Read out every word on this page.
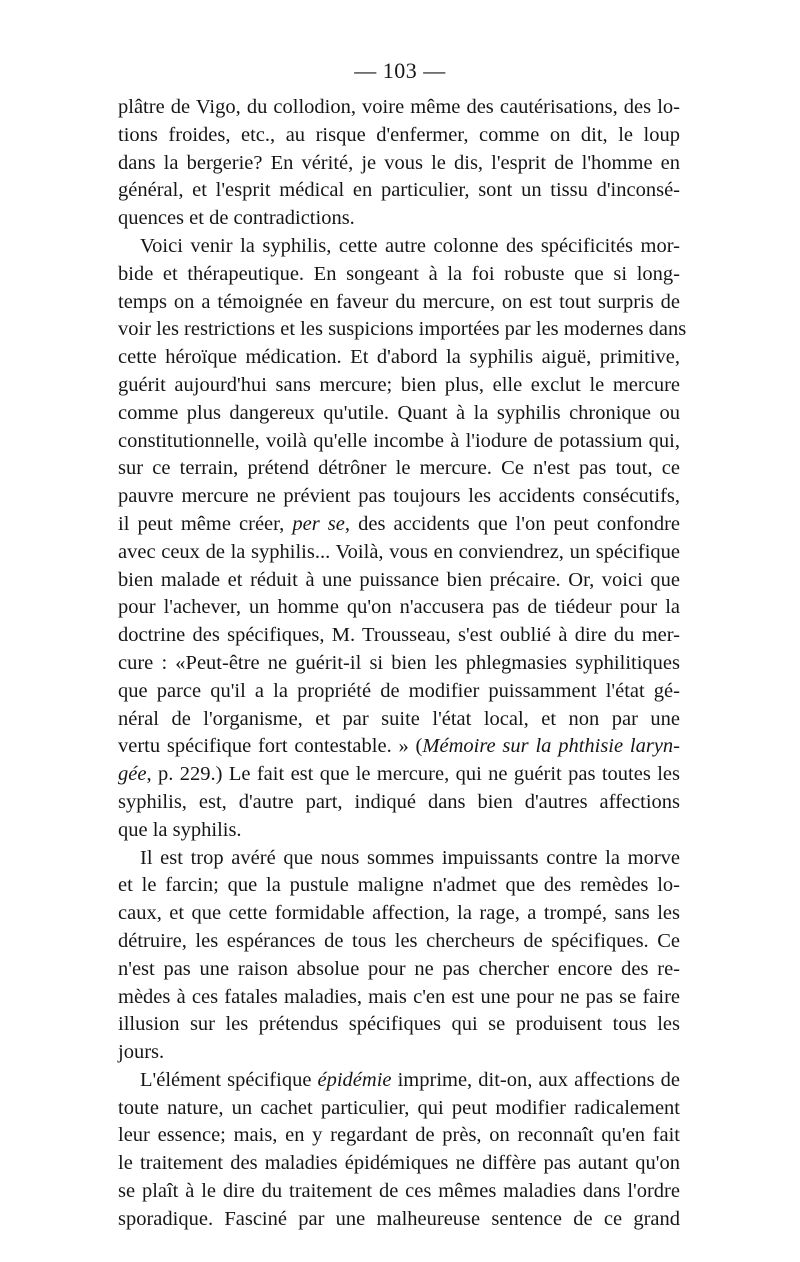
— 103 —
plâtre de Vigo, du collodion, voire même des cautérisations, des lo-
tions froides, etc., au risque d'enfermer, comme on dit, le loup
dans la bergerie? En vérité, je vous le dis, l'esprit de l'homme en
général, et l'esprit médical en particulier, sont un tissu d'inconsé-
quences et de contradictions.
Voici venir la syphilis, cette autre colonne des spécificités mor-
bide et thérapeutique. En songeant à la foi robuste que si long-
temps on a témoignée en faveur du mercure, on est tout surpris de
voir les restrictions et les suspicions importées par les modernes dans
cette héroïque médication. Et d'abord la syphilis aiguë, primitive,
guérit aujourd'hui sans mercure; bien plus, elle exclut le mercure
comme plus dangereux qu'utile. Quant à la syphilis chronique ou
constitutionnelle, voilà qu'elle incombe à l'iodure de potassium qui,
sur ce terrain, prétend détrôner le mercure. Ce n'est pas tout, ce
pauvre mercure ne prévient pas toujours les accidents consécutifs,
il peut même créer, per se, des accidents que l'on peut confondre
avec ceux de la syphilis... Voilà, vous en conviendrez, un spécifique
bien malade et réduit à une puissance bien précaire. Or, voici que
pour l'achever, un homme qu'on n'accusera pas de tiédeur pour la
doctrine des spécifiques, M. Trousseau, s'est oublié à dire du mer-
cure : «Peut-être ne guérit-il si bien les phlegmasies syphilitiques
que parce qu'il a la propriété de modifier puissamment l'état gé-
néral de l'organisme, et par suite l'état local, et non par une
vertu spécifique fort contestable. » (Mémoire sur la phthisie laryn-
gée, p. 229.) Le fait est que le mercure, qui ne guérit pas toutes les
syphilis, est, d'autre part, indiqué dans bien d'autres affections
que la syphilis.
Il est trop avéré que nous sommes impuissants contre la morve
et le farcin; que la pustule maligne n'admet que des remèdes lo-
caux, et que cette formidable affection, la rage, a trompé, sans les
détruire, les espérances de tous les chercheurs de spécifiques. Ce
n'est pas une raison absolue pour ne pas chercher encore des re-
mèdes à ces fatales maladies, mais c'en est une pour ne pas se faire
illusion sur les prétendus spécifiques qui se produisent tous les
jours.
L'élément spécifique épidémie imprime, dit-on, aux affections de
toute nature, un cachet particulier, qui peut modifier radicalement
leur essence; mais, en y regardant de près, on reconnaît qu'en fait
le traitement des maladies épidémiques ne diffère pas autant qu'on
se plaît à le dire du traitement de ces mêmes maladies dans l'ordre
sporadique. Fasciné par une malheureuse sentence de ce grand
